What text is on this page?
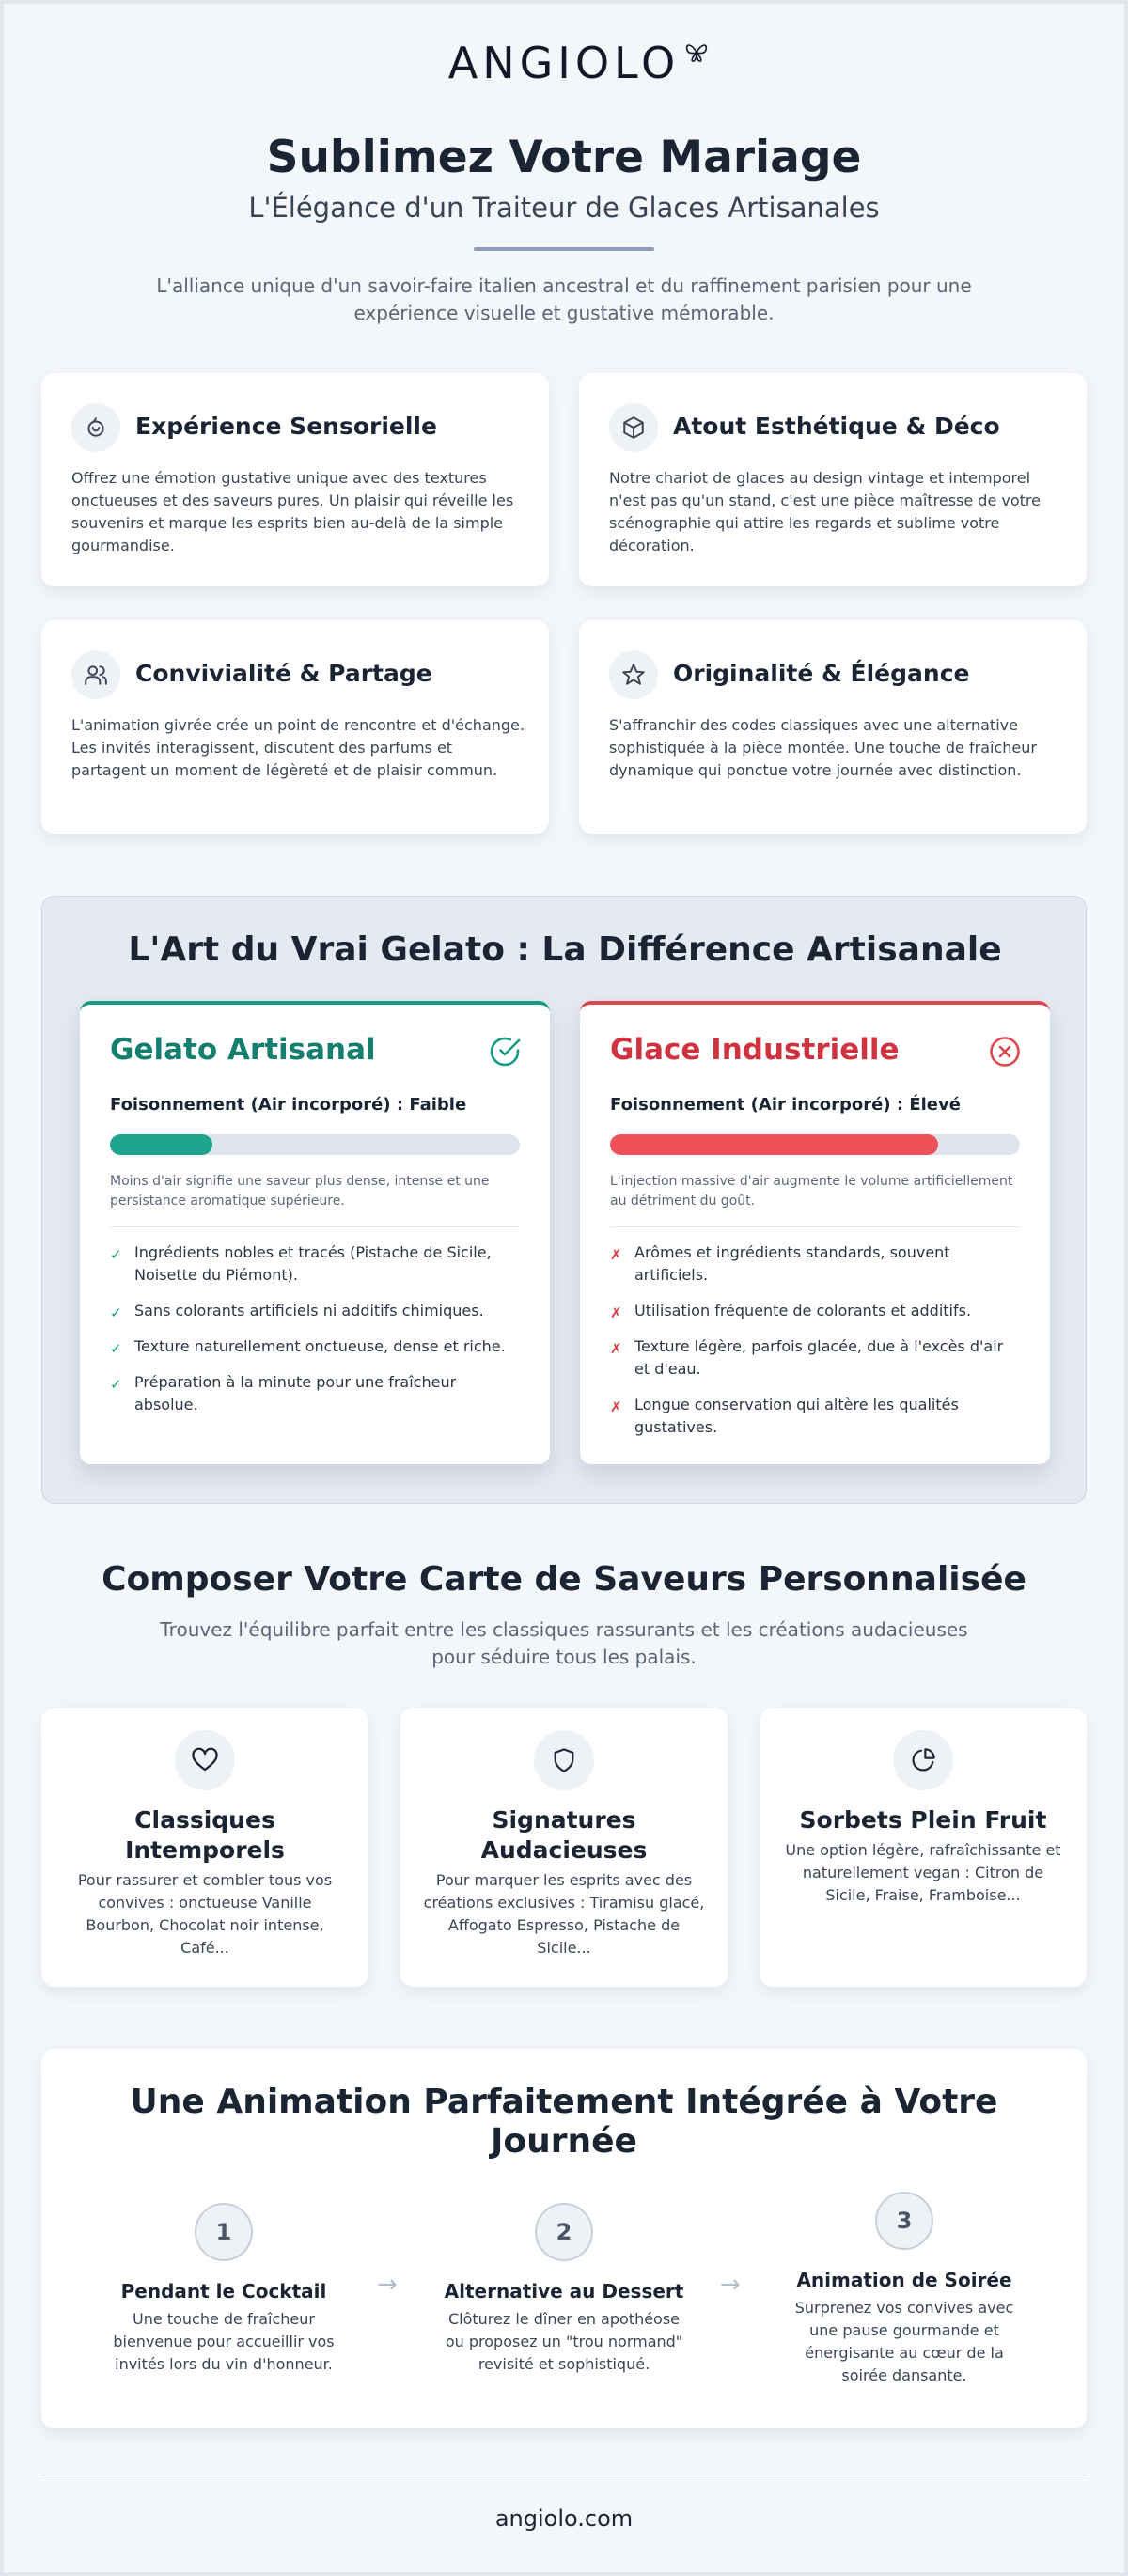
ANGIOLO
Sublimez Votre Mariage
L'Élégance d'un Traiteur de Glaces Artisanales
L'alliance unique d'un savoir-faire italien ancestral et du raffinement parisien pour une expérience visuelle et gustative mémorable.
Expérience Sensorielle
Offrez une émotion gustative unique avec des textures onctueuses et des saveurs pures. Un plaisir qui réveille les souvenirs et marque les esprits bien au-delà de la simple gourmandise.
Atout Esthétique & Déco
Notre chariot de glaces au design vintage et intemporel n'est pas qu'un stand, c'est une pièce maîtresse de votre scénographie qui attire les regards et sublime votre décoration.
Convivialité & Partage
L'animation givrée crée un point de rencontre et d'échange. Les invités interagissent, discutent des parfums et partagent un moment de légèreté et de plaisir commun.
Originalité & Élégance
S'affranchir des codes classiques avec une alternative sophistiquée à la pièce montée. Une touche de fraîcheur dynamique qui ponctue votre journée avec distinction.
L'Art du Vrai Gelato : La Différence Artisanale
Gelato Artisanal
Foisonnement (Air incorporé) : Faible
Moins d'air signifie une saveur plus dense, intense et une persistance aromatique supérieure.
✓ Ingrédients nobles et tracés (Pistache de Sicile, Noisette du Piémont).
✓ Sans colorants artificiels ni additifs chimiques.
✓ Texture naturellement onctueuse, dense et riche.
✓ Préparation à la minute pour une fraîcheur absolue.
Glace Industrielle
Foisonnement (Air incorporé) : Élevé
L'injection massive d'air augmente le volume artificiellement au détriment du goût.
✗ Arômes et ingrédients standards, souvent artificiels.
✗ Utilisation fréquente de colorants et additifs.
✗ Texture légère, parfois glacée, due à l'excès d'air et d'eau.
✗ Longue conservation qui altère les qualités gustatives.
Composer Votre Carte de Saveurs Personnalisée
Trouvez l'équilibre parfait entre les classiques rassurants et les créations audacieuses pour séduire tous les palais.
Classiques Intemporels
Pour rassurer et combler tous vos convives : onctueuse Vanille Bourbon, Chocolat noir intense, Café...
Signatures Audacieuses
Pour marquer les esprits avec des créations exclusives : Tiramisu glacé, Affogato Espresso, Pistache de Sicile...
Sorbets Plein Fruit
Une option légère, rafraîchissante et naturellement vegan : Citron de Sicile, Fraise, Framboise...
Une Animation Parfaitement Intégrée à Votre Journée
1
Pendant le Cocktail
Une touche de fraîcheur bienvenue pour accueillir vos invités lors du vin d'honneur.
→
2
Alternative au Dessert
Clôturez le dîner en apothéose ou proposez un "trou normand" revisité et sophistiqué.
→
3
Animation de Soirée
Surprenez vos convives avec une pause gourmande et énergisante au cœur de la soirée dansante.
angiolo.com
